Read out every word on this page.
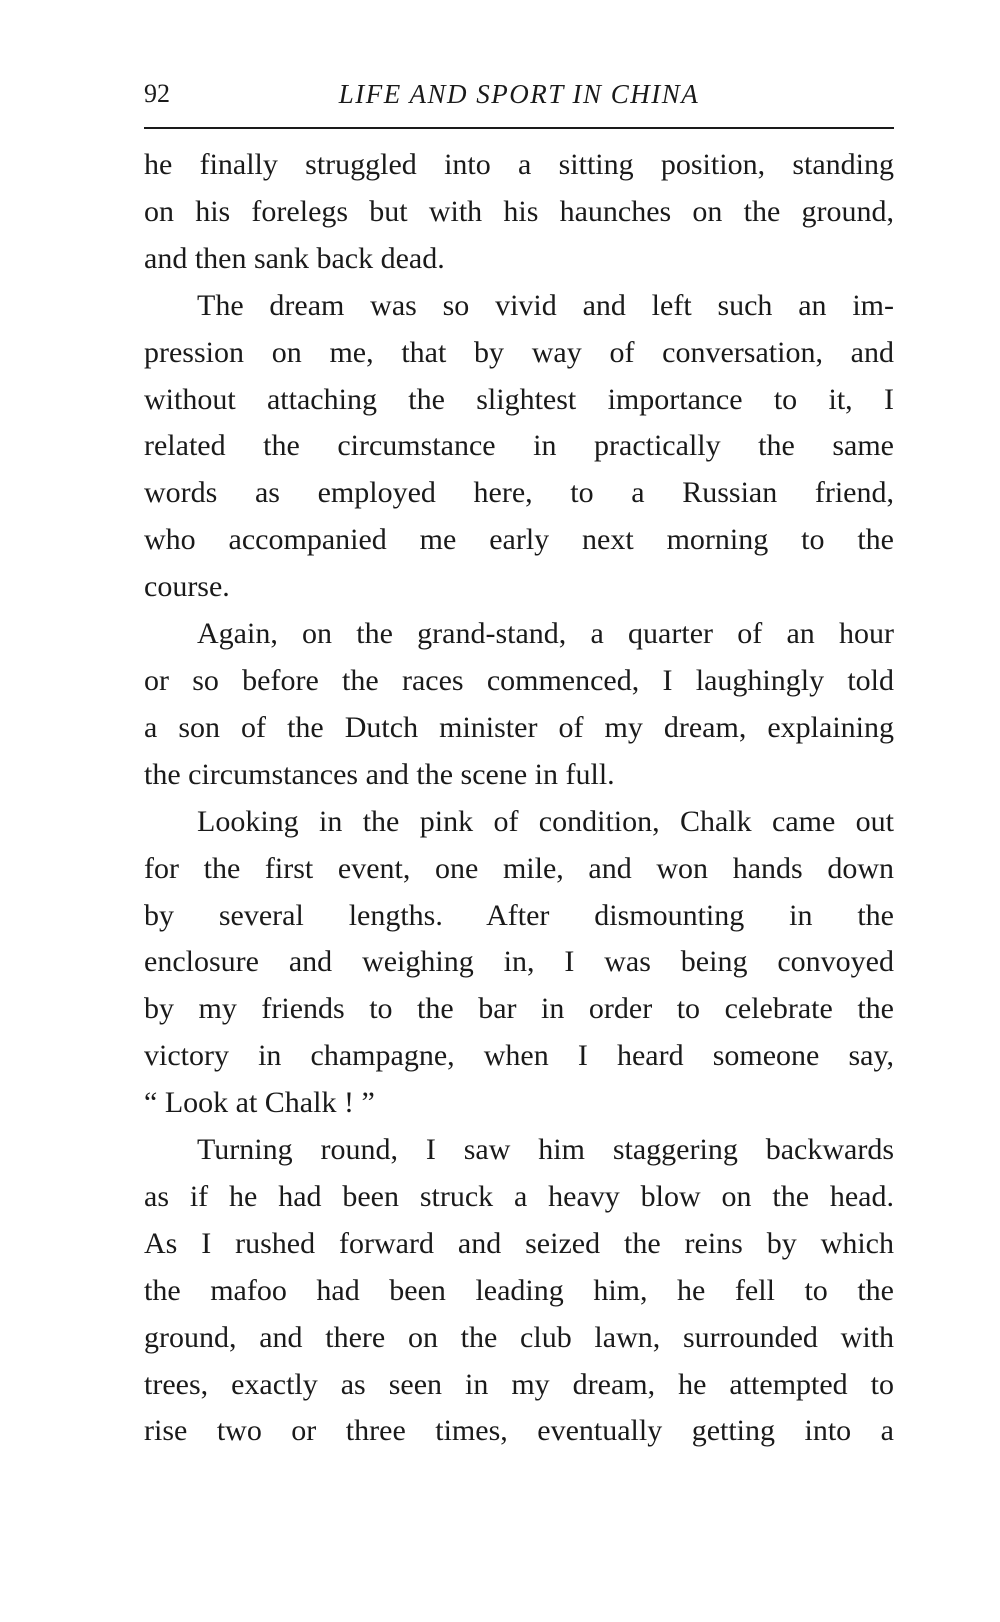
92	LIFE AND SPORT IN CHINA

he finally struggled into a sitting position, standing
on his forelegs but with his haunches on the ground,
and then sank back dead.

The dream was so vivid and left such an im-
pression on me, that by way of conversation, and
without attaching the slightest importance to it, I
related the circumstance in practically the same
words as employed here, to a Russian friend,
who accompanied me early next morning to the
course.

Again, on the grand-stand, a quarter of an hour
or so before the races commenced, I laughingly told
a son of the Dutch minister of my dream, explaining
the circumstances and the scene in full.

Looking in the pink of condition, Chalk came out
for the first event, one mile, and won hands down
by several lengths. After dismounting in the
enclosure and weighing in, I was being convoyed
by my friends to the bar in order to celebrate the
victory in champagne, when I heard someone say,
“ Look at Chalk ! ”

Turning round, I saw him staggering backwards
as if he had been struck a heavy blow on the head.
As I rushed forward and seized the reins by which
the mafoo had been leading him, he fell to the
ground, and there on the club lawn, surrounded with
trees, exactly as seen in my dream, he attempted to
rise two or three times, eventually getting into a
